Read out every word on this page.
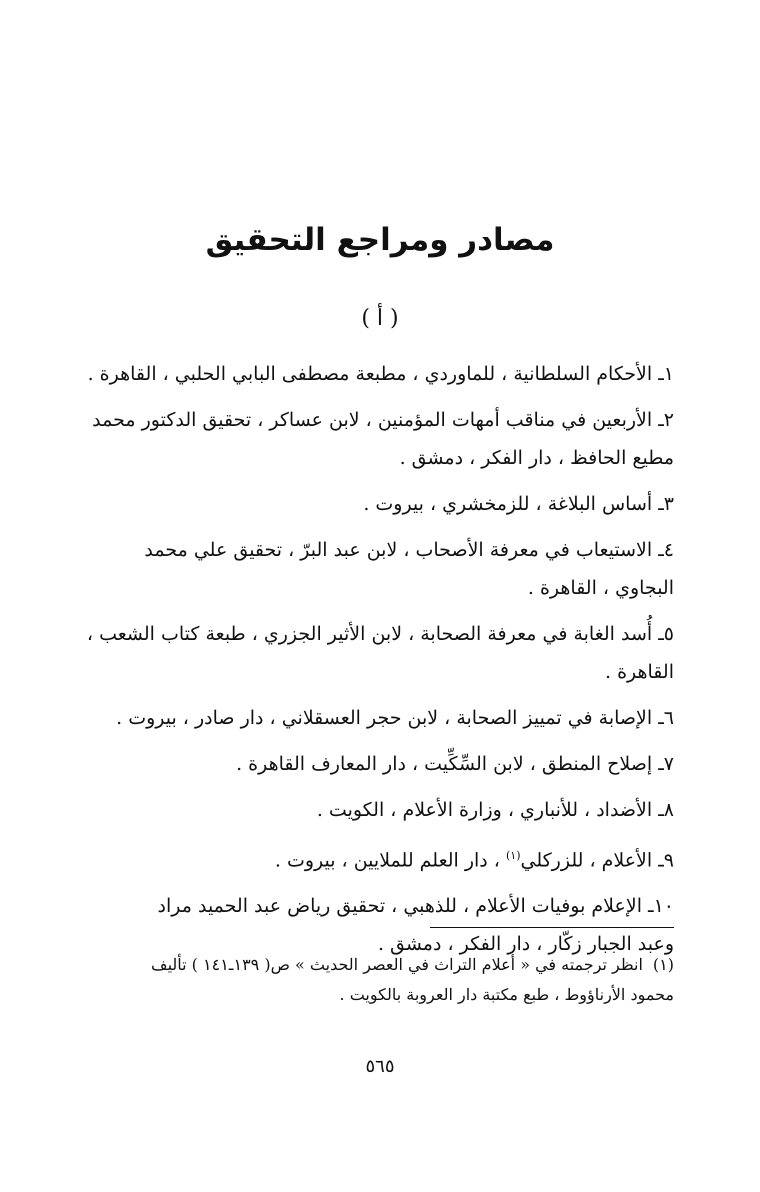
مصادر ومراجع التحقيق
( أ )
١ـ الأحكام السلطانية ، للماوردي ، مطبعة مصطفى البابي الحلبي ، القاهرة .
٢ـ الأربعين في مناقب أمهات المؤمنين ، لابن عساكر ، تحقيق الدكتور محمد
مطيع الحافظ ، دار الفكر ، دمشق .
٣ـ أساس البلاغة ، للزمخشري ، بيروت .
٤ـ الاستيعاب في معرفة الأصحاب ، لابن عبد البرّ ، تحقيق علي محمد
البجاوي ، القاهرة .
٥ـ أُسد الغابة في معرفة الصحابة ، لابن الأثير الجزري ، طبعة كتاب الشعب ،
القاهرة .
٦ـ الإصابة في تمييز الصحابة ، لابن حجر العسقلاني ، دار صادر ، بيروت .
٧ـ إصلاح المنطق ، لابن السِّكِّيت ، دار المعارف القاهرة .
٨ـ الأضداد ، للأنباري ، وزارة الأعلام ، الكويت .
٩ـ الأعلام ، للزركلي$^{(١)}$ ، دار العلم للملايين ، بيروت .
١٠ـ الإعلام بوفيات الأعلام ، للذهبي ، تحقيق رياض عبد الحميد مراد
وعبد الجبار زكّار ، دار الفكر ، دمشق .
(١)انظر ترجمته في « أعلام التراث في العصر الحديث » ص( ١٣٩ـ١٤١ ) تأليف
محمود الأرناؤوط ، طبع مكتبة دار العروبة بالكويت .
٥٦٥
